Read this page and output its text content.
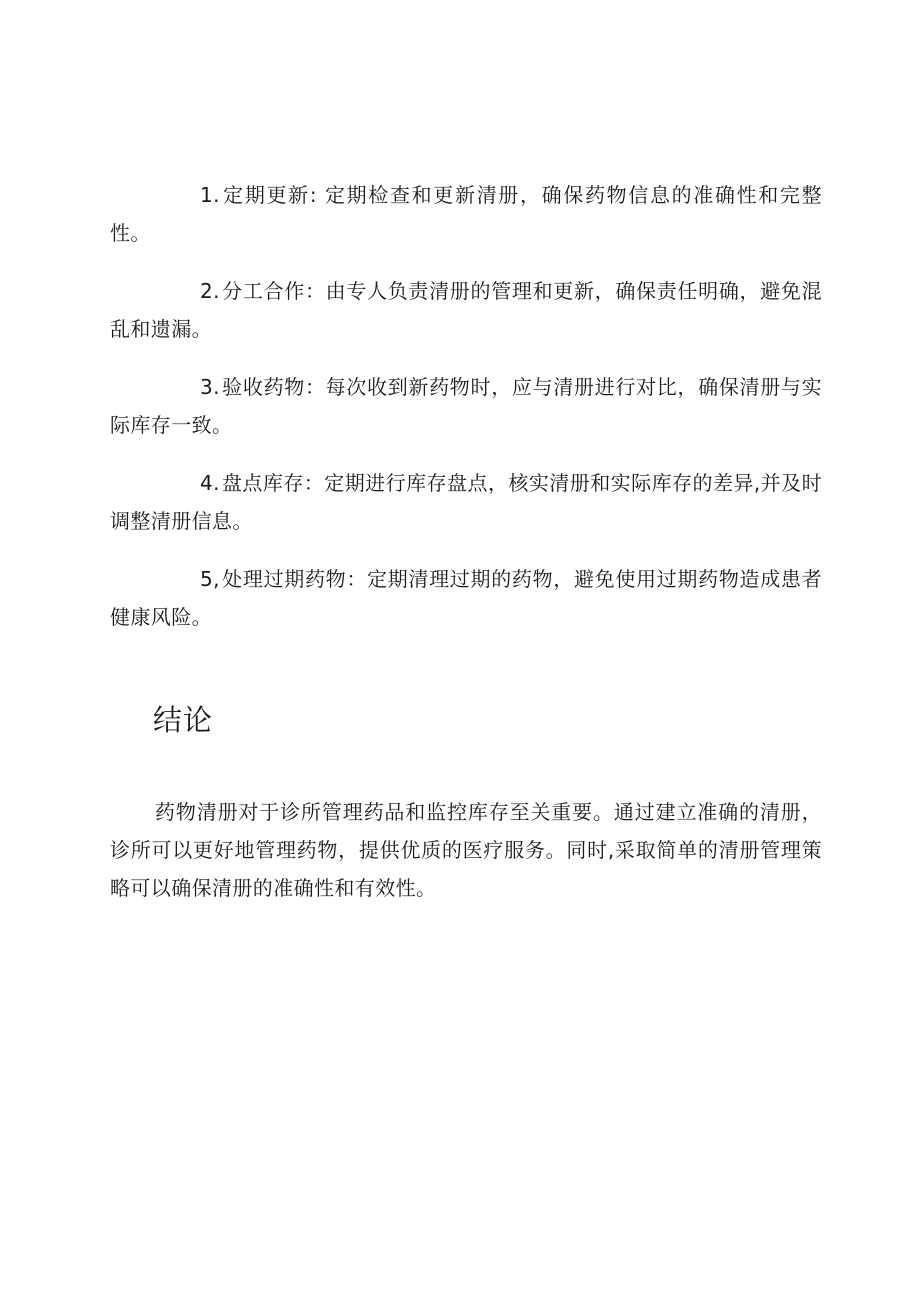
1. 定期更新: 定期检查和更新清册，确保药物信息的准确性和完整性。

2. 分工合作：由专人负责清册的管理和更新，确保责任明确，避免混乱和遗漏。

3. 验收药物：每次收到新药物时，应与清册进行对比，确保清册与实际库存一致。

4. 盘点库存：定期进行库存盘点，核实清册和实际库存的差异,并及时调整清册信息。

5, 处理过期药物：定期清理过期的药物，避免使用过期药物造成患者健康风险。

结论

药物清册对于诊所管理药品和监控库存至关重要。通过建立准确的清册，诊所可以更好地管理药物，提供优质的医疗服务。同时,采取简单的清册管理策略可以确保清册的准确性和有效性。
